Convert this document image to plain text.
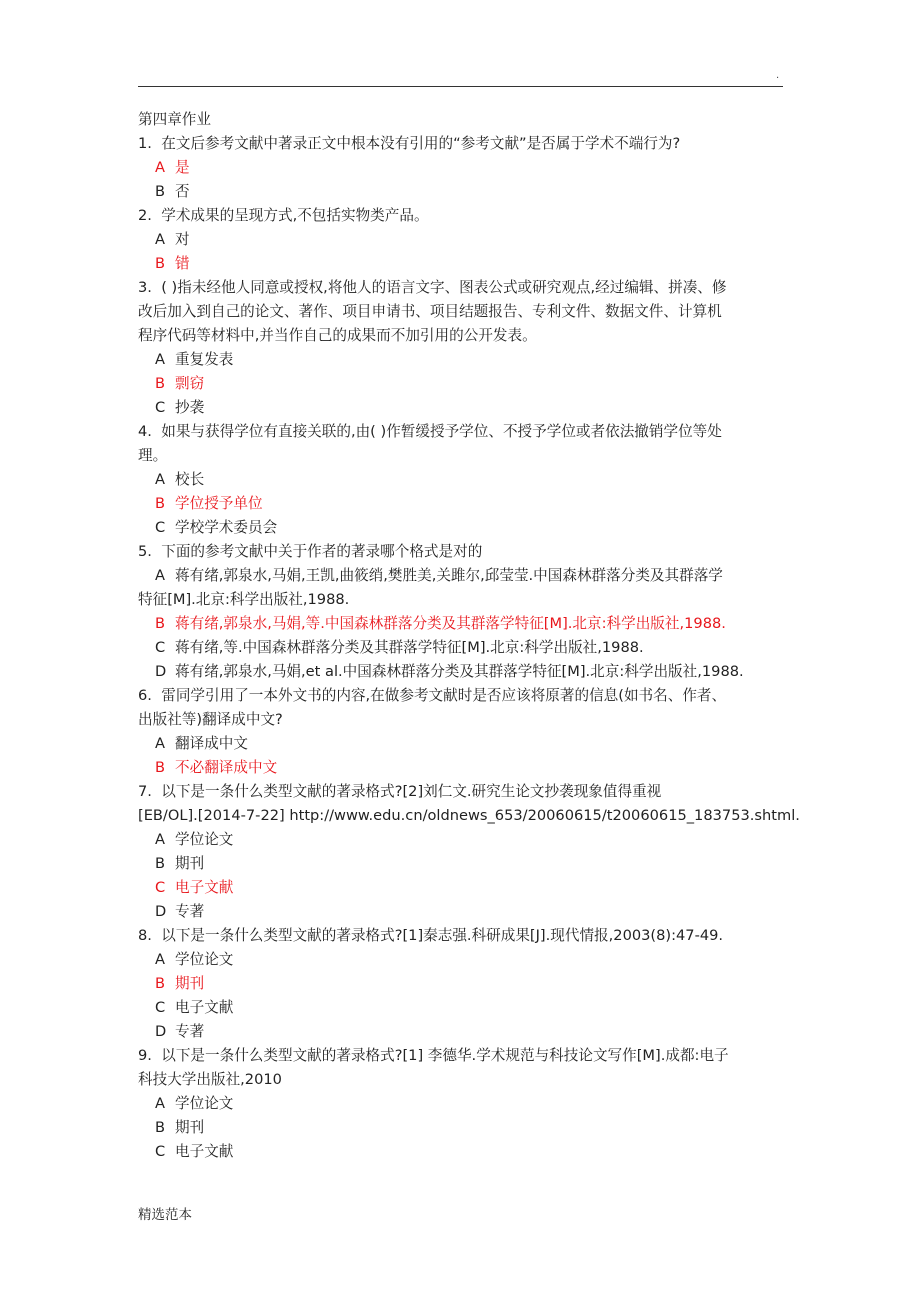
.
第四章作业
1. 在文后参考文献中著录正文中根本没有引用的“参考文献”是否属于学术不端行为?
A 是
B 否
2. 学术成果的呈现方式,不包括实物类产品。
A 对
B 错
3. ( )指未经他人同意或授权,将他人的语言文字、图表公式或研究观点,经过编辑、拼凑、修
改后加入到自己的论文、著作、项目申请书、项目结题报告、专利文件、数据文件、计算机
程序代码等材料中,并当作自己的成果而不加引用的公开发表。
A 重复发表
B 剽窃
C 抄袭
4. 如果与获得学位有直接关联的,由( )作暂缓授予学位、不授予学位或者依法撤销学位等处
理。
A 校长
B 学位授予单位
C 学校学术委员会
5. 下面的参考文献中关于作者的著录哪个格式是对的
A 蒋有绪,郭泉水,马娟,王凯,曲筱绡,樊胜美,关雎尔,邱莹莹.中国森林群落分类及其群落学
特征[M].北京:科学出版社,1988.
B 蒋有绪,郭泉水,马娟,等.中国森林群落分类及其群落学特征[M].北京:科学出版社,1988.
C 蒋有绪,等.中国森林群落分类及其群落学特征[M].北京:科学出版社,1988.
D 蒋有绪,郭泉水,马娟,et al.中国森林群落分类及其群落学特征[M].北京:科学出版社,1988.
6. 雷同学引用了一本外文书的内容,在做参考文献时是否应该将原著的信息(如书名、作者、
出版社等)翻译成中文?
A 翻译成中文
B 不必翻译成中文
7. 以下是一条什么类型文献的著录格式?[2]刘仁文.研究生论文抄袭现象值得重视
[EB/OL].[2014-7-22] http://www.edu.cn/oldnews_653/20060615/t20060615_183753.shtml.
A 学位论文
B 期刊
C 电子文献
D 专著
8. 以下是一条什么类型文献的著录格式?[1]秦志强.科研成果[J].现代情报,2003(8):47-49.
A 学位论文
B 期刊
C 电子文献
D 专著
9. 以下是一条什么类型文献的著录格式?[1] 李德华.学术规范与科技论文写作[M].成都:电子
科技大学出版社,2010
A 学位论文
B 期刊
C 电子文献
精选范本
